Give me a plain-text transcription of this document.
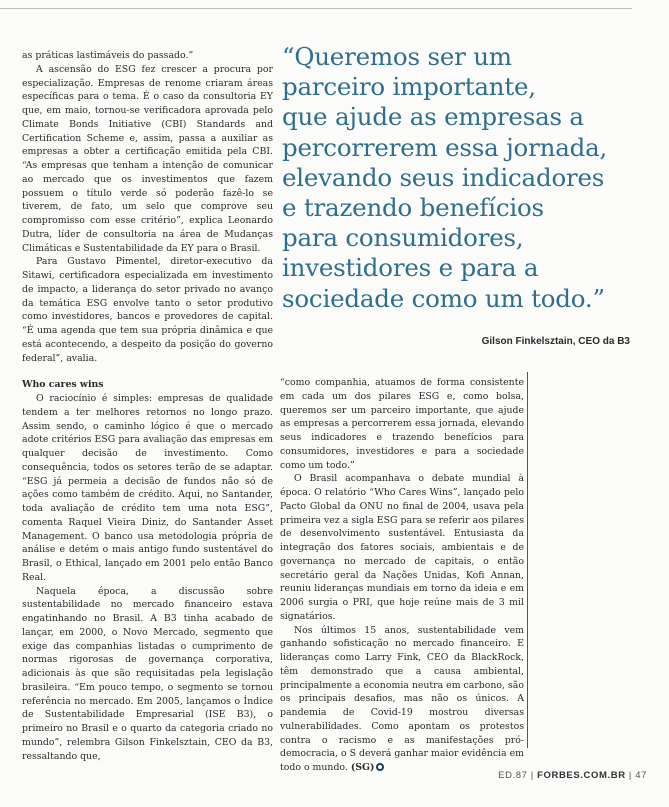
“Queremos ser um
parceiro importante,
que ajude as empresas a
percorrerem essa jornada,
elevando seus indicadores
e trazendo benefícios
para consumidores,
investidores e para a
sociedade como um todo.”
Gilson Finkelsztain, CEO da B3

as práticas lastimáveis do passado.”

A ascensão do ESG fez crescer a procura por especialização. Empresas de renome criaram áreas específicas para o tema. É o caso da consultoria EY que, em maio, tornou-se verificadora aprovada pelo Climate Bonds Initiative (CBI) Standards and Certification Scheme e, assim, passa a auxiliar as empresas a obter a certificação emitida pela CBI. “As empresas que tenham a intenção de comunicar ao mercado que os investimentos que fazem possuem o título verde só poderão fazê-lo se tiverem, de fato, um selo que comprove seu compromisso com esse critério”, explica Leonardo Dutra, líder de consultoria na área de Mudanças Climáticas e Sustentabilidade da EY para o Brasil.

Para Gustavo Pimentel, diretor-executivo da Sitawi, certificadora especializada em investimento de impacto, a liderança do setor privado no avanço da temática ESG envolve tanto o setor produtivo como investidores, bancos e provedores de capital. “É uma agenda que tem sua própria dinâmica e que está acontecendo, a despeito da posição do governo federal”, avalia.

Who cares wins

O raciocínio é simples: empresas de qualidade tendem a ter melhores retornos no longo prazo. Assim sendo, o caminho lógico é que o mercado adote critérios ESG para avaliação das empresas em qualquer decisão de investimento. Como consequência, todos os setores terão de se adaptar. “ESG já permeia a decisão de fundos não só de ações como também de crédito. Aqui, no Santander, toda avaliação de crédito tem uma nota ESG”, comenta Raquel Vieira Diniz, do Santander Asset Management. O banco usa metodologia própria de análise e detém o mais antigo fundo sustentável do Brasil, o Ethical, lançado em 2001 pelo então Banco Real.

Naquela época, a discussão sobre sustentabilidade no mercado financeiro estava engatinhando no Brasil. A B3 tinha acabado de lançar, em 2000, o Novo Mercado, segmento que exige das companhias listadas o cumprimento de normas rigorosas de governança corporativa, adicionais às que são requisitadas pela legislação brasileira. “Em pouco tempo, o segmento se tornou referência no mercado. Em 2005, lançamos o Índice de Sustentabilidade Empresarial (ISE B3), o primeiro no Brasil e o quarto da categoria criado no mundo”, relembra Gilson Finkelsztain, CEO da B3, ressaltando que,

“como companhia, atuamos de forma consistente em cada um dos pilares ESG e, como bolsa, queremos ser um parceiro importante, que ajude as empresas a percorrerem essa jornada, elevando seus indicadores e trazendo benefícios para consumidores, investidores e para a sociedade como um todo.”

O Brasil acompanhava o debate mundial à época. O relatório “Who Cares Wins”, lançado pelo Pacto Global da ONU no final de 2004, usava pela primeira vez a sigla ESG para se referir aos pilares de desenvolvimento sustentável. Entusiasta da integração dos fatores sociais, ambientais e de governança no mercado de capitais, o então secretário geral da Nações Unidas, Kofi Annan, reuniu lideranças mundiais em torno da ideia e em 2006 surgia o PRI, que hoje reúne mais de 3 mil signatários.

Nos últimos 15 anos, sustentabilidade vem ganhando sofisticação no mercado financeiro. E lideranças como Larry Fink, CEO da BlackRock, têm demonstrado que a causa ambiental, principalmente a economia neutra em carbono, são os principais desafios, mas não os únicos. A pandemia de Covid-19 mostrou diversas vulnerabilidades. Como apontam os protestos contra o racismo e as manifestações pró-democracia, o S deverá ganhar maior evidência em todo o mundo. (SG)

ED.87 | FORBES.COM.BR | 47
